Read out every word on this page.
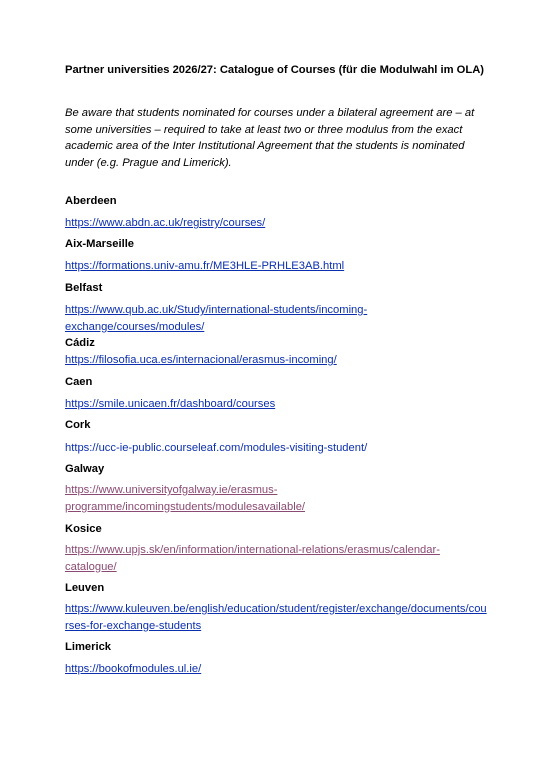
Partner universities 2026/27: Catalogue of Courses (für die Modulwahl im OLA)
Be aware that students nominated for courses under a bilateral agreement are – at
some universities – required to take at least two or three modulus from the exact
academic area of the Inter Institutional Agreement that the students is nominated
under (e.g. Prague and Limerick).
Aberdeen
https://www.abdn.ac.uk/registry/courses/
Aix-Marseille
https://formations.univ-amu.fr/ME3HLE-PRHLE3AB.html
Belfast
https://www.qub.ac.uk/Study/international-students/incoming-
exchange/courses/modules/
Cádiz
https://filosofia.uca.es/internacional/erasmus-incoming/
Caen
https://smile.unicaen.fr/dashboard/courses
Cork
https://ucc-ie-public.courseleaf.com/modules-visiting-student/
Galway
https://www.universityofgalway.ie/erasmus-
programme/incomingstudents/modulesavailable/
Kosice
https://www.upjs.sk/en/information/international-relations/erasmus/calendar-
catalogue/
Leuven
https://www.kuleuven.be/english/education/student/register/exchange/documents/cou
rses-for-exchange-students
Limerick
https://bookofmodules.ul.ie/
